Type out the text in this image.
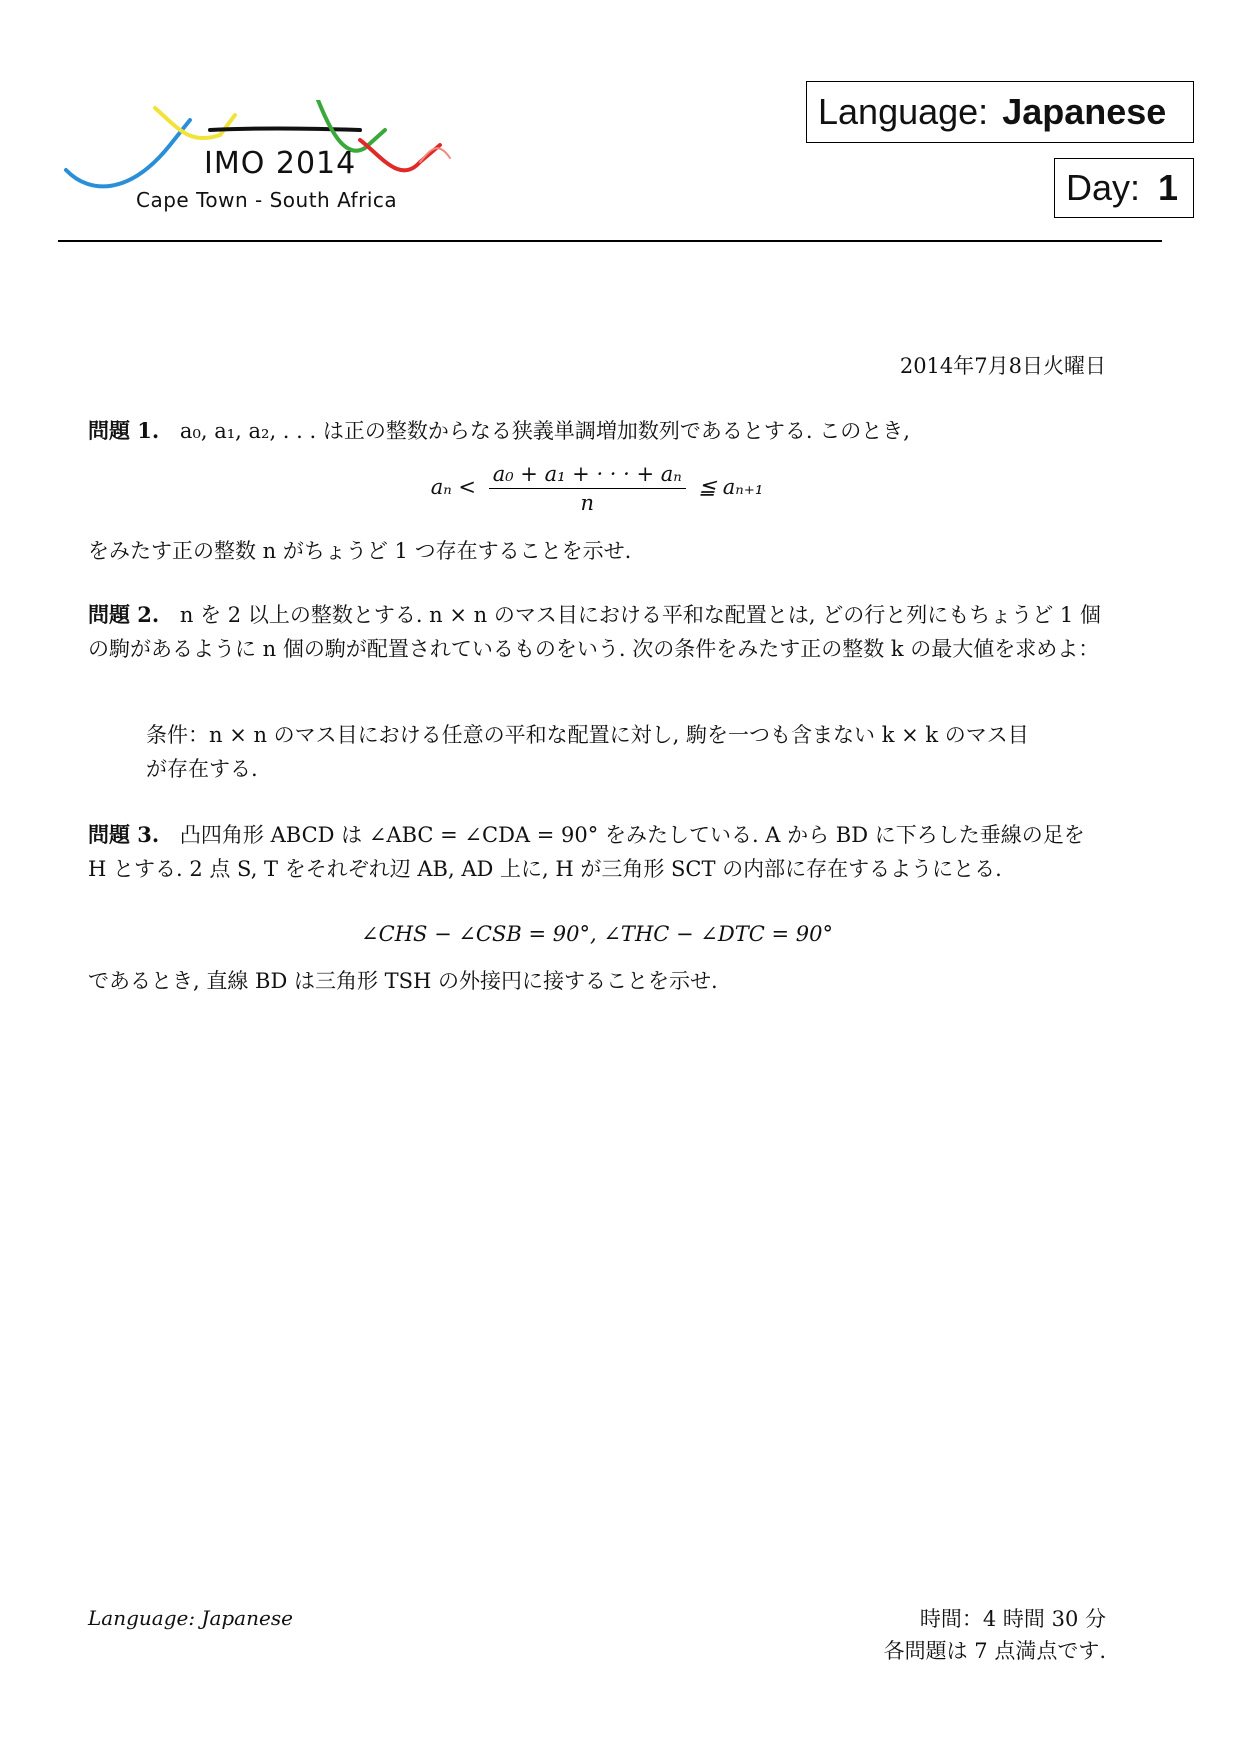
IMO 2014
Cape Town - South Africa
Language: Japanese
Day: 1
2014年7月8日火曜日
問題 1. a₀, a₁, a₂, . . . は正の整数からなる狭義単調増加数列であるとする. このとき,
$a_n < \frac{\text{a₀ + a₁ + · · · + aₙ}}{n}$ ≦ aₙ₊₁
をみたす正の整数 n がちょうど 1 つ存在することを示せ.
問題 2. n を 2 以上の整数とする. n × n のマス目における平和な配置とは, どの行と列にもちょうど 1 個の駒があるように n 個の駒が配置されているものをいう. 次の条件をみたす正の整数 k の最大値を求めよ：
条件：n × n のマス目における任意の平和な配置に対し, 駒を一つも含まない k × k のマス目が存在する.
問題 3. 凸四角形 ABCD は ∠ABC = ∠CDA = 90° をみたしている. A から BD に下ろした垂線の足を H とする. 2 点 S, T をそれぞれ辺 AB, AD 上に, H が三角形 SCT の内部に存在するようにとる.
∠CHS − ∠CSB = 90°, ∠THC − ∠DTC = 90°
であるとき, 直線 BD は三角形 TSH の外接円に接することを示せ.
Language: Japanese	時間：4 時間 30 分
各問題は 7 点満点です.
